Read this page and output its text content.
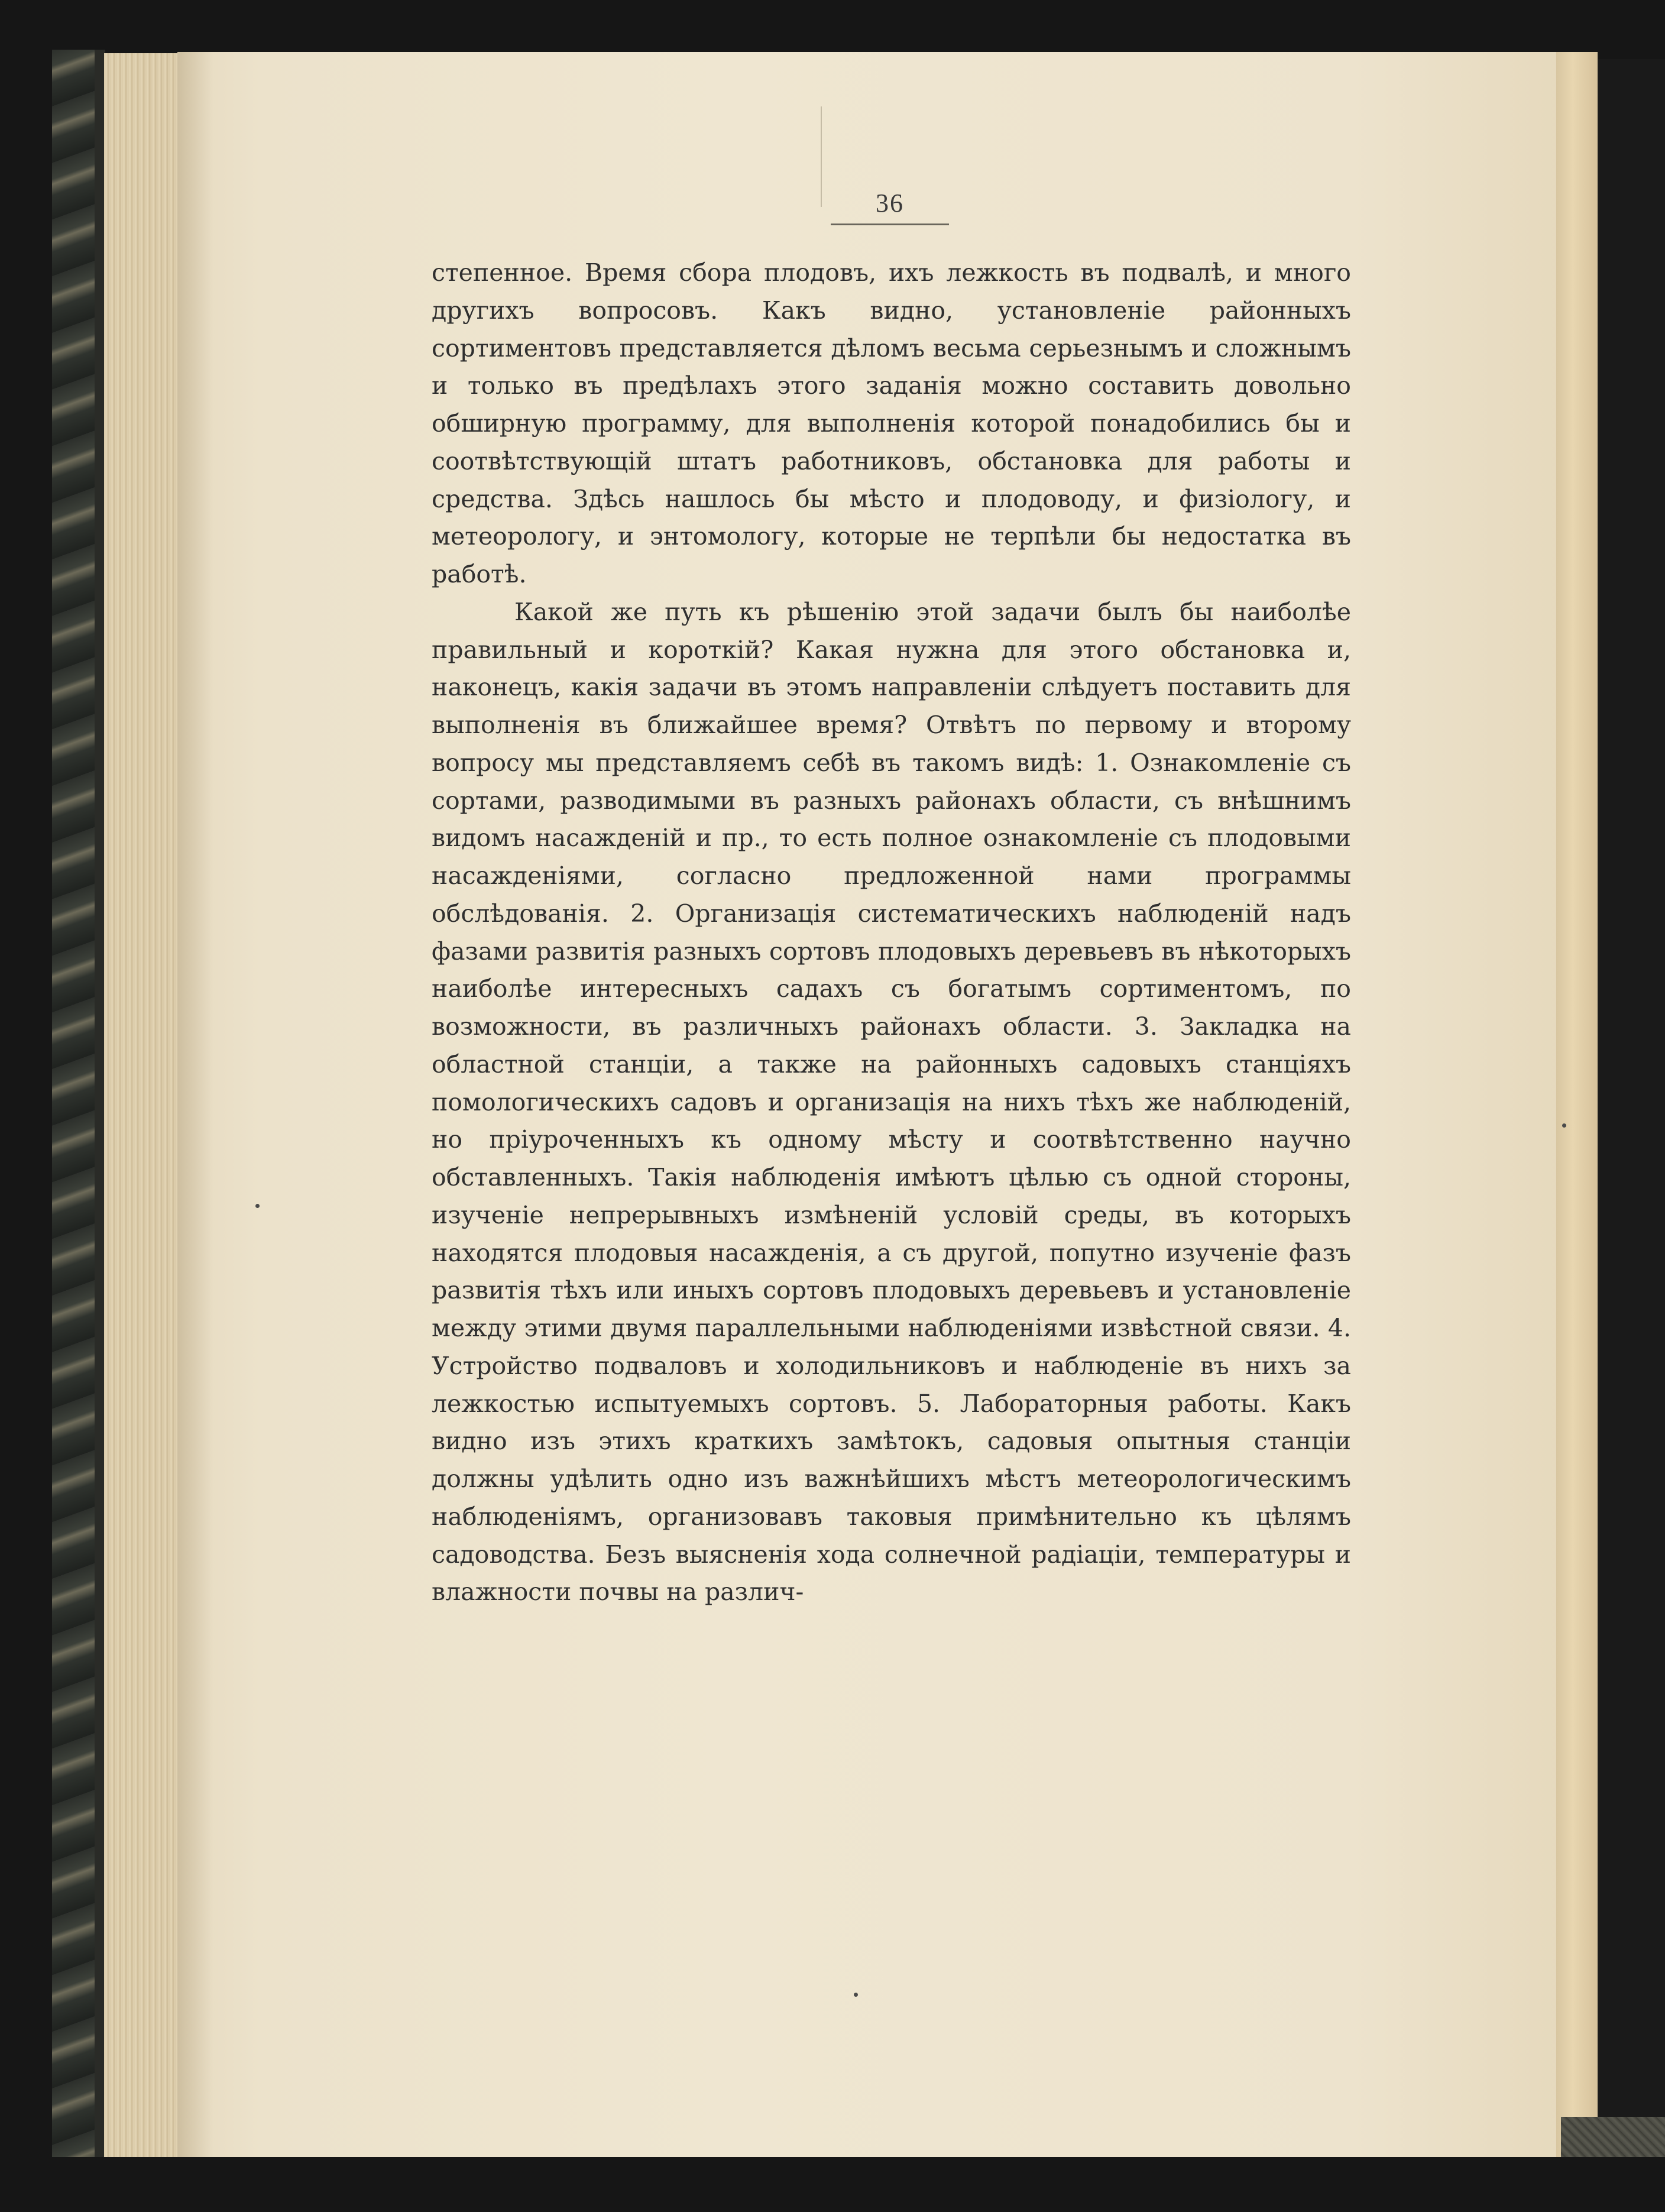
36

степенное. Время сбора плодовъ, ихъ лежкость въ подвалѣ, и много другихъ вопросовъ. Какъ видно, установленіе районныхъ сортиментовъ представляется дѣломъ весьма серьезнымъ и сложнымъ и только въ предѣлахъ этого заданія можно составить довольно обширную программу, для выполненія которой понадобились бы и соотвѣтствующій штатъ работниковъ, обстановка для работы и средства. Здѣсь нашлось бы мѣсто и плодоводу, и физіологу, и метеорологу, и энтомологу, которые не терпѣли бы недостатка въ работѣ.

Какой же путь къ рѣшенію этой задачи былъ бы наиболѣе правильный и короткій? Какая нужна для этого обстановка и, наконецъ, какія задачи въ этомъ направленіи слѣдуетъ поставить для выполненія въ ближайшее время? Отвѣтъ по первому и второму вопросу мы представляемъ себѣ въ такомъ видѣ: 1. Ознакомленіе съ сортами, разводимыми въ разныхъ районахъ области, съ внѣшнимъ видомъ насажденій и пр., то есть полное ознакомленіе съ плодовыми насажденіями, согласно предложенной нами программы обслѣдованія. 2. Организація систематическихъ наблюденій надъ фазами развитія разныхъ сортовъ плодовыхъ деревьевъ въ нѣкоторыхъ наиболѣе интересныхъ садахъ съ богатымъ сортиментомъ, по возможности, въ различныхъ районахъ области. 3. Закладка на областной станціи, а также на районныхъ садовыхъ станціяхъ помологическихъ садовъ и организація на нихъ тѣхъ же наблюденій, но пріуроченныхъ къ одному мѣсту и соотвѣтственно научно обставленныхъ. Такія наблюденія имѣютъ цѣлью съ одной стороны, изученіе непрерывныхъ измѣненій условій среды, въ которыхъ находятся плодовыя насажденія, а съ другой, попутно изученіе фазъ развитія тѣхъ или иныхъ сортовъ плодовыхъ деревьевъ и установленіе между этими двумя параллельными наблюденіями извѣстной связи. 4. Устройство подваловъ и холодильниковъ и наблюденіе въ нихъ за лежкостью испытуемыхъ сортовъ. 5. Лабораторныя работы. Какъ видно изъ этихъ краткихъ замѣтокъ, садовыя опытныя станціи должны удѣлить одно изъ важнѣйшихъ мѣстъ метеорологическимъ наблюденіямъ, организовавъ таковыя примѣнительно къ цѣлямъ садоводства. Безъ выясненія хода солнечной радіаціи, температуры и влажности почвы на различ-
